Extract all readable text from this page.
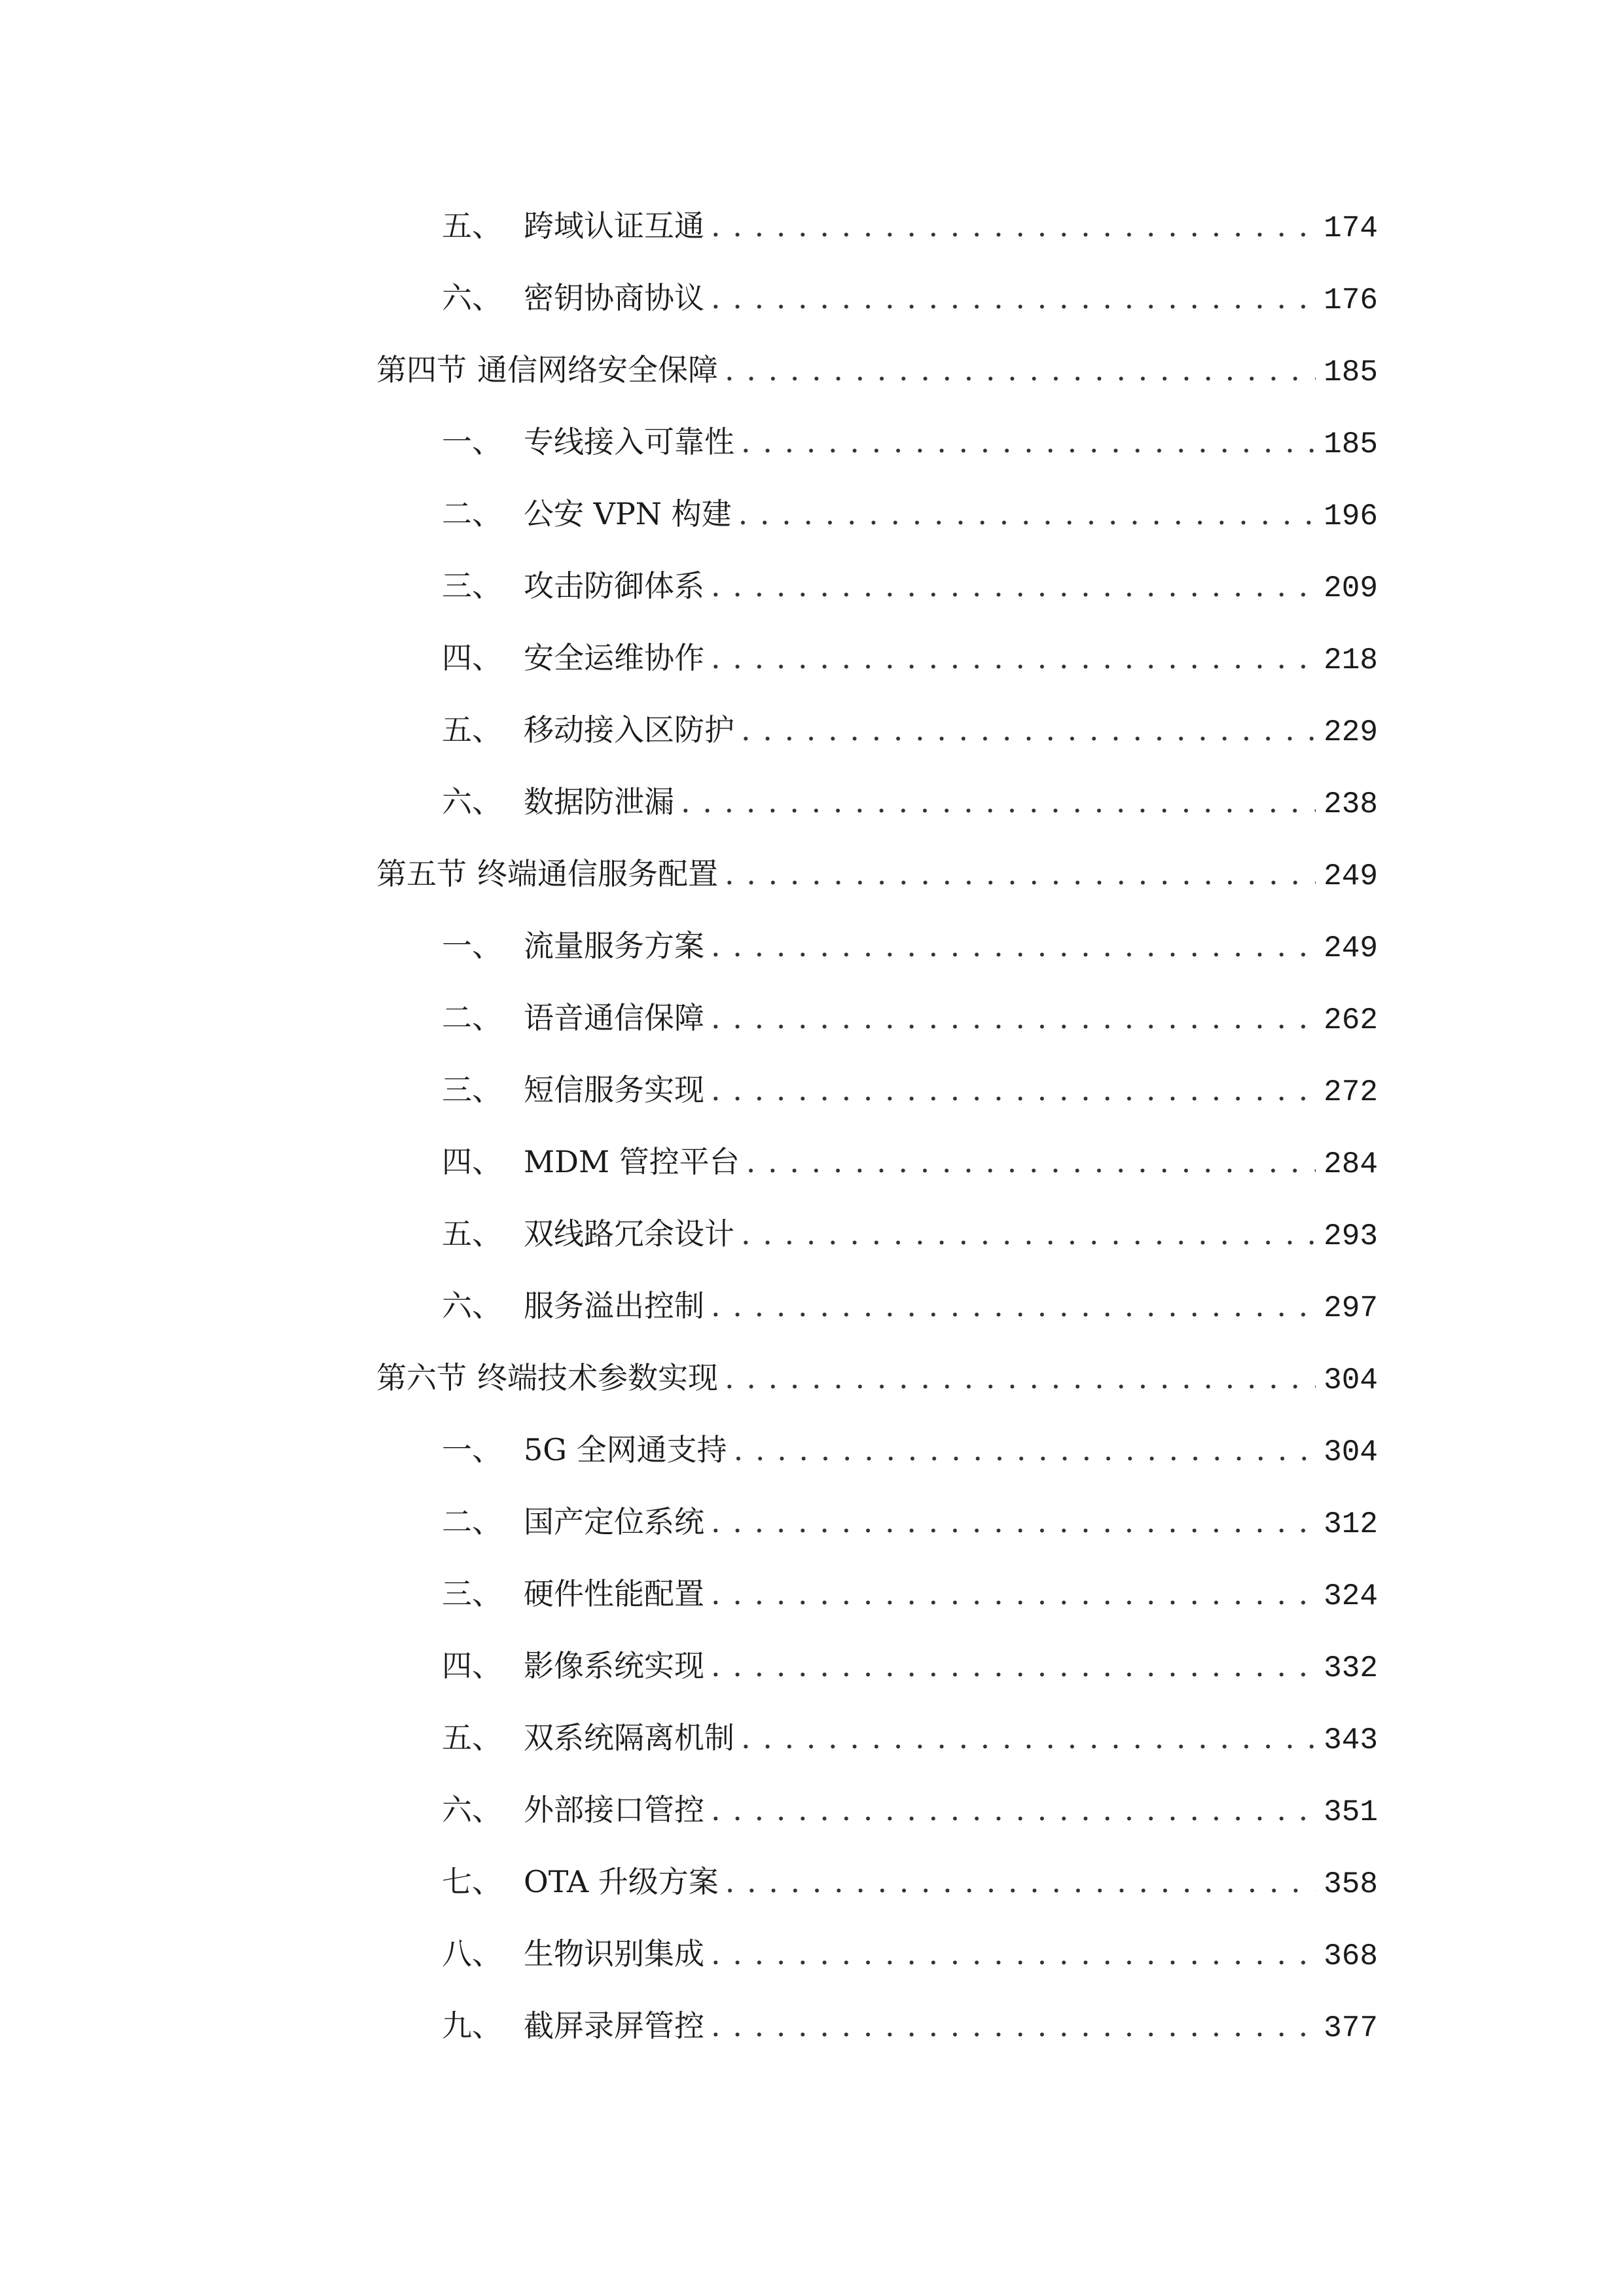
五、 跨域认证互通 . . .	174
六、 密钥协商协议 . . .	176
第四节 通信网络安全保障 . . .	185
一、 专线接入可靠性 . . .	185
二、 公安 VPN 构建 . . .	196
三、 攻击防御体系 . . .	209
四、 安全运维协作 . . .	218
五、 移动接入区防护 . . .	229
六、 数据防泄漏 . . .	238
第五节 终端通信服务配置 . . .	249
一、 流量服务方案 . . .	249
二、 语音通信保障 . . .	262
三、 短信服务实现 . . .	272
四、 MDM 管控平台 . . .	284
五、 双线路冗余设计 . . .	293
六、 服务溢出控制 . . .	297
第六节 终端技术参数实现 . . .	304
一、 5G 全网通支持 . . .	304
二、 国产定位系统 . . .	312
三、 硬件性能配置 . . .	324
四、 影像系统实现 . . .	332
五、 双系统隔离机制 . . .	343
六、 外部接口管控 . . .	351
七、 OTA 升级方案 . . .	358
八、 生物识别集成 . . .	368
九、 截屏录屏管控 . . .	377
